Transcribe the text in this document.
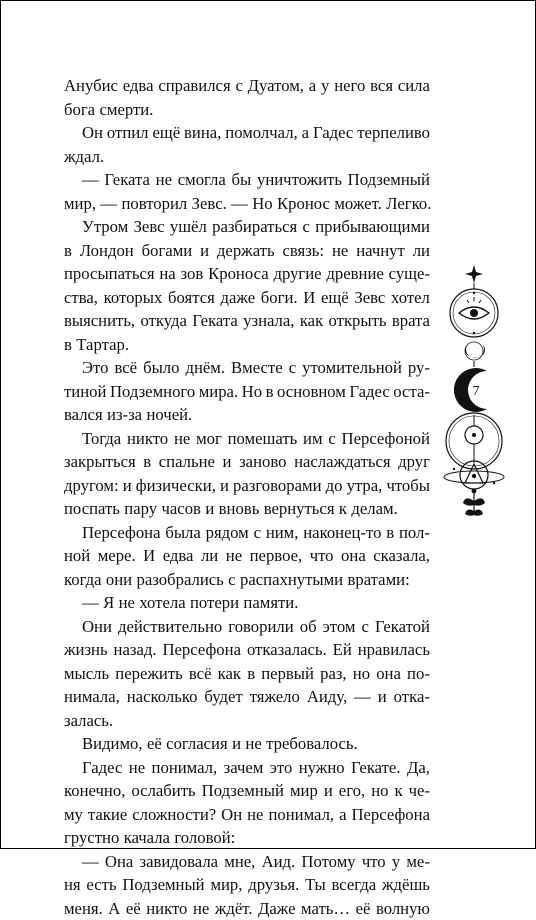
Анубис едва справился с Дуатом, а у него вся сила
бога смерти.
Он отпил ещё вина, помолчал, а Гадес терпеливо
ждал.
— Геката не смогла бы уничтожить Подземный
мир, — повторил Зевс. — Но Кронос может. Легко.
Утром Зевс ушёл разбираться с прибывающими
в Лондон богами и держать связь: не начнут ли
просыпаться на зов Кроноса другие древние суще-
ства, которых боятся даже боги. И ещё Зевс хотел
выяснить, откуда Геката узнала, как открыть врата
в Тартар.
Это всё было днём. Вместе с утомительной ру-
тиной Подземного мира. Но в основном Гадес оста-
вался из-за ночей.
Тогда никто не мог помешать им с Персефоной
закрыться в спальне и заново наслаждаться друг
другом: и физически, и разговорами до утра, чтобы
поспать пару часов и вновь вернуться к делам.
Персефона была рядом с ним, наконец-то в пол-
ной мере. И едва ли не первое, что она сказала,
когда они разобрались с распахнутыми вратами:
— Я не хотела потери памяти.
Они действительно говорили об этом с Гекатой
жизнь назад. Персефона отказалась. Ей нравилась
мысль пережить всё как в первый раз, но она по-
нимала, насколько будет тяжело Аиду, — и отка-
залась.
Видимо, её согласия и не требовалось.
Гадес не понимал, зачем это нужно Гекате. Да,
конечно, ослабить Подземный мир и его, но к че-
му такие сложности? Он не понимал, а Персефона
грустно качала головой:
— Она завидовала мне, Аид. Потому что у ме-
ня есть Подземный мир, друзья. Ты всегда ждёшь
меня. А её никто не ждёт. Даже мать… её волную
7
